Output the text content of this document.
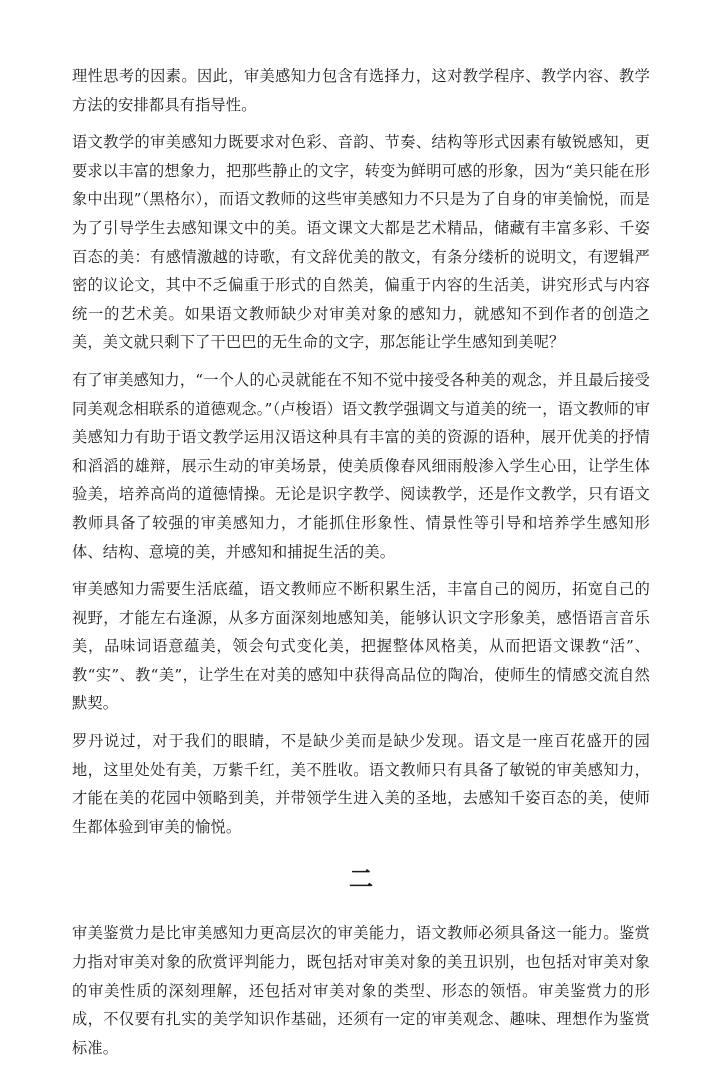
理性思考的因素。因此，审美感知力包含有选择力，这对教学程序、教学内容、教学方法的安排都具有指导性。

语文教学的审美感知力既要求对色彩、音韵、节奏、结构等形式因素有敏锐感知，更要求以丰富的想象力，把那些静止的文字，转变为鲜明可感的形象，因为“美只能在形象中出现”（黑格尔），而语文教师的这些审美感知力不只是为了自身的审美愉悦，而是为了引导学生去感知课文中的美。语文课文大都是艺术精品，储藏有丰富多彩、千姿百态的美：有感情激越的诗歌，有文辞优美的散文，有条分缕析的说明文，有逻辑严密的议论文，其中不乏偏重于形式的自然美，偏重于内容的生活美，讲究形式与内容统一的艺术美。如果语文教师缺少对审美对象的感知力，就感知不到作者的创造之美，美文就只剩下了干巴巴的无生命的文字，那怎能让学生感知到美呢？

有了审美感知力，“一个人的心灵就能在不知不觉中接受各种美的观念，并且最后接受同美观念相联系的道德观念。”（卢梭语）语文教学强调文与道美的统一，语文教师的审美感知力有助于语文教学运用汉语这种具有丰富的美的资源的语种，展开优美的抒情和滔滔的雄辩，展示生动的审美场景，使美质像春风细雨般渗入学生心田，让学生体验美，培养高尚的道德情操。无论是识字教学、阅读教学，还是作文教学，只有语文教师具备了较强的审美感知力，才能抓住形象性、情景性等引导和培养学生感知形体、结构、意境的美，并感知和捕捉生活的美。

审美感知力需要生活底蕴，语文教师应不断积累生活，丰富自己的阅历，拓宽自己的视野，才能左右逢源，从多方面深刻地感知美，能够认识文字形象美，感悟语言音乐美，品味词语意蕴美，领会句式变化美，把握整体风格美，从而把语文课教“活”、教“实”、教“美”，让学生在对美的感知中获得高品位的陶冶，使师生的情感交流自然默契。

罗丹说过，对于我们的眼睛，不是缺少美而是缺少发现。语文是一座百花盛开的园地，这里处处有美，万紫千红，美不胜收。语文教师只有具备了敏锐的审美感知力，才能在美的花园中领略到美，并带领学生进入美的圣地，去感知千姿百态的美，使师生都体验到审美的愉悦。

二

审美鉴赏力是比审美感知力更高层次的审美能力，语文教师必须具备这一能力。鉴赏力指对审美对象的欣赏评判能力，既包括对审美对象的美丑识别，也包括对审美对象的审美性质的深刻理解，还包括对审美对象的类型、形态的领悟。审美鉴赏力的形成，不仅要有扎实的美学知识作基础，还须有一定的审美观念、趣味、理想作为鉴赏标准。
